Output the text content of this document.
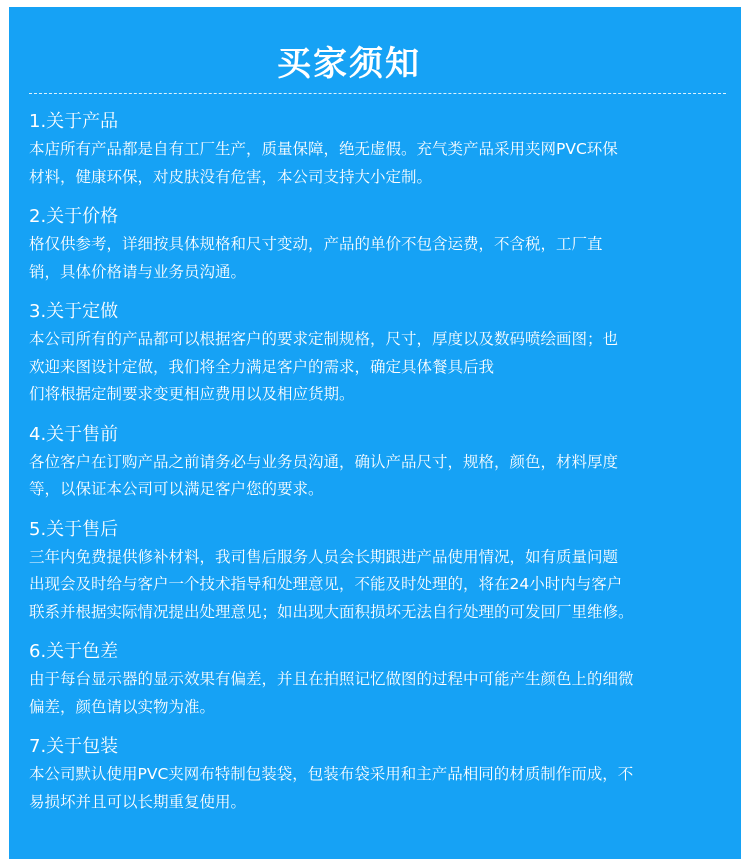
买家须知
1.关于产品
本店所有产品都是自有工厂生产，质量保障，绝无虚假。充气类产品采用夹网PVC环保
材料，健康环保，对皮肤没有危害，本公司支持大小定制。
2.关于价格
格仅供参考，详细按具体规格和尺寸变动，产品的单价不包含运费，不含税，工厂直
销，具体价格请与业务员沟通。
3.关于定做
本公司所有的产品都可以根据客户的要求定制规格，尺寸，厚度以及数码喷绘画图；也
欢迎来图设计定做，我们将全力满足客户的需求，确定具体餐具后我
们将根据定制要求变更相应费用以及相应货期。
4.关于售前
各位客户在订购产品之前请务必与业务员沟通，确认产品尺寸，规格，颜色，材料厚度
等，以保证本公司可以满足客户您的要求。
5.关于售后
三年内免费提供修补材料，我司售后服务人员会长期跟进产品使用情况，如有质量问题
出现会及时给与客户一个技术指导和处理意见，不能及时处理的，将在24小时内与客户
联系并根据实际情况提出处理意见；如出现大面积损坏无法自行处理的可发回厂里维修。
6.关于色差
由于每台显示器的显示效果有偏差，并且在拍照记忆做图的过程中可能产生颜色上的细微
偏差，颜色请以实物为准。
7.关于包装
本公司默认使用PVC夹网布特制包装袋，包装布袋采用和主产品相同的材质制作而成，不
易损坏并且可以长期重复使用。
